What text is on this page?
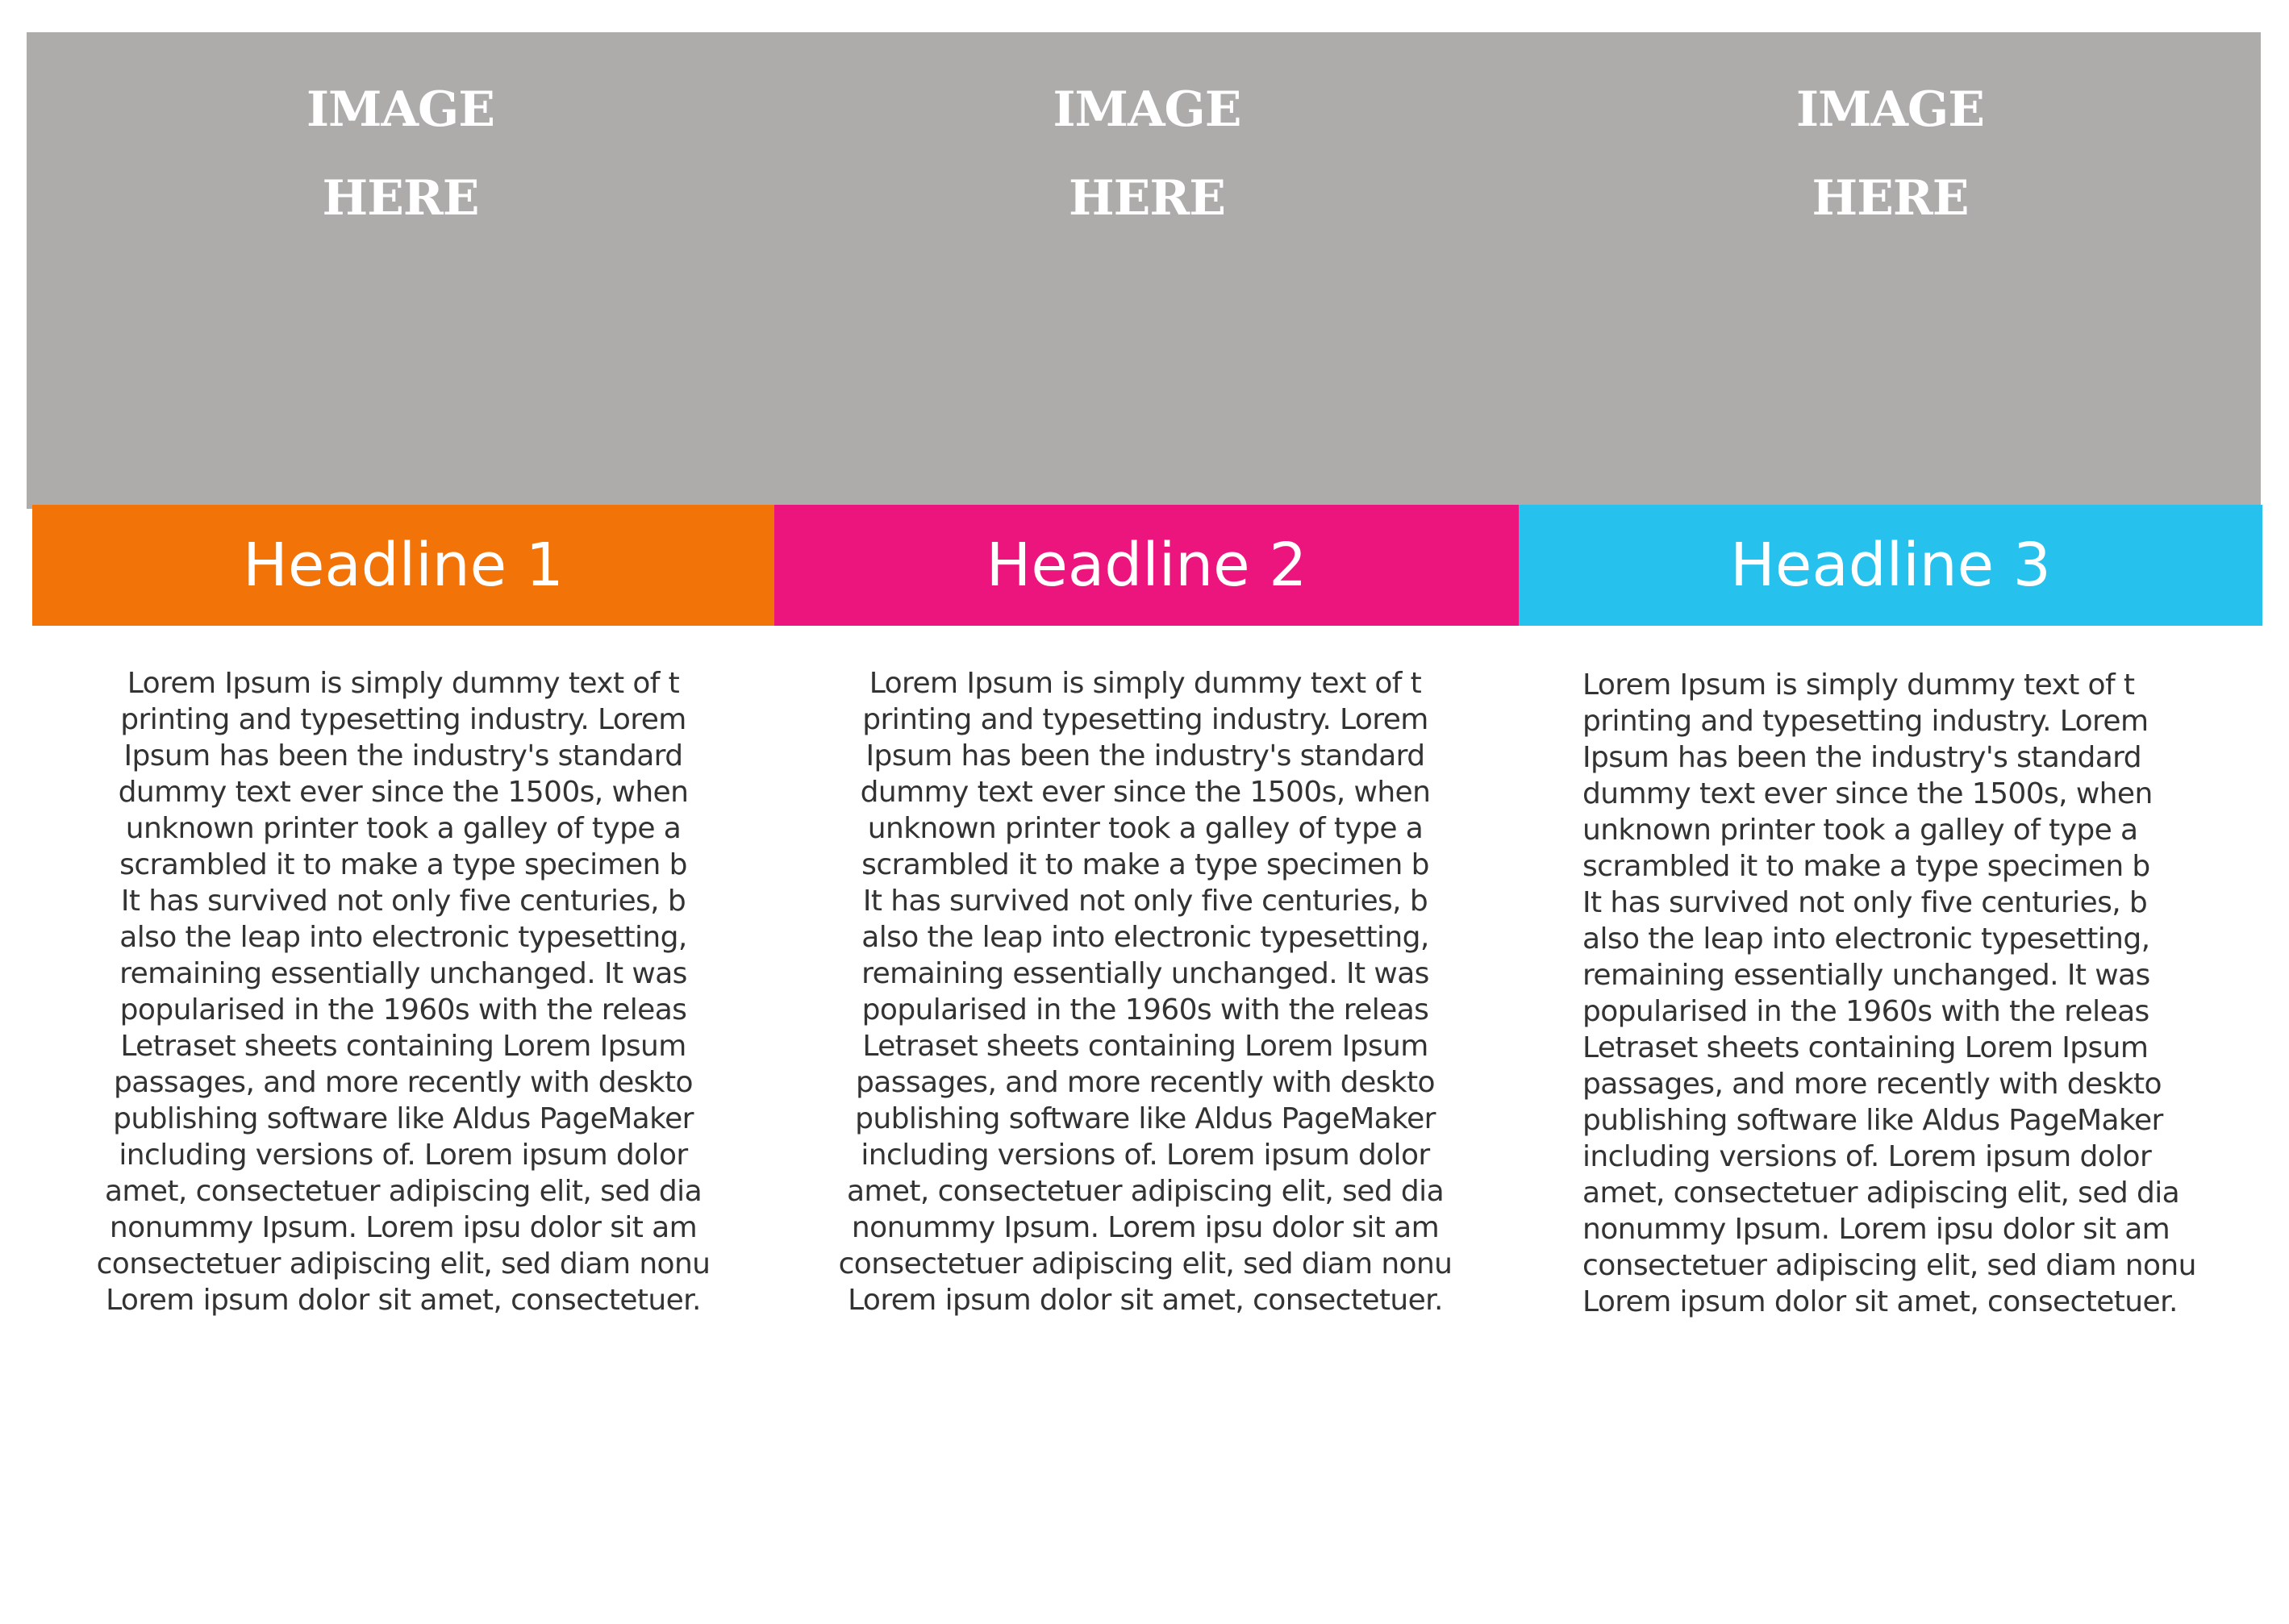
IMAGE
HERE
IMAGE
HERE
IMAGE
HERE
Headline 1	Headline 2	Headline 3
Lorem Ipsum is simply dummy text of t
printing and typesetting industry. Lorem
Ipsum has been the industry's standard
dummy text ever since the 1500s, when
unknown printer took a galley of type a
scrambled it to make a type specimen b
It has survived not only five centuries, b
also the leap into electronic typesetting,
remaining essentially unchanged. It was
popularised in the 1960s with the releas
Letraset sheets containing Lorem Ipsum
passages, and more recently with deskto
publishing software like Aldus PageMaker
including versions of. Lorem ipsum dolor
amet, consectetuer adipiscing elit, sed dia
nonummy Ipsum. Lorem ipsu dolor sit am
consectetuer adipiscing elit, sed diam nonu
Lorem ipsum dolor sit amet, consectetuer.
Lorem Ipsum is simply dummy text of t
printing and typesetting industry. Lorem
Ipsum has been the industry's standard
dummy text ever since the 1500s, when
unknown printer took a galley of type a
scrambled it to make a type specimen b
It has survived not only five centuries, b
also the leap into electronic typesetting,
remaining essentially unchanged. It was
popularised in the 1960s with the releas
Letraset sheets containing Lorem Ipsum
passages, and more recently with deskto
publishing software like Aldus PageMaker
including versions of. Lorem ipsum dolor
amet, consectetuer adipiscing elit, sed dia
nonummy Ipsum. Lorem ipsu dolor sit am
consectetuer adipiscing elit, sed diam nonu
Lorem ipsum dolor sit amet, consectetuer.
Lorem Ipsum is simply dummy text of t
printing and typesetting industry. Lorem
Ipsum has been the industry's standard
dummy text ever since the 1500s, when
unknown printer took a galley of type a
scrambled it to make a type specimen b
It has survived not only five centuries, b
also the leap into electronic typesetting,
remaining essentially unchanged. It was
popularised in the 1960s with the releas
Letraset sheets containing Lorem Ipsum
passages, and more recently with deskto
publishing software like Aldus PageMaker
including versions of. Lorem ipsum dolor
amet, consectetuer adipiscing elit, sed dia
nonummy Ipsum. Lorem ipsu dolor sit am
consectetuer adipiscing elit, sed diam nonu
Lorem ipsum dolor sit amet, consectetuer.
